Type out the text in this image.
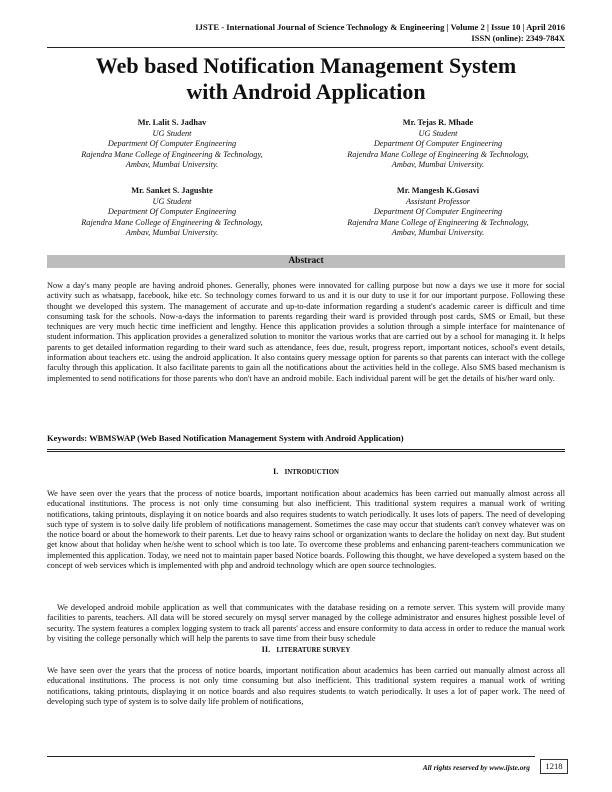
IJSTE - International Journal of Science Technology & Engineering | Volume 2 | Issue 10 | April 2016
ISSN (online): 2349-784X
Web based Notification Management System
with Android Application
Mr. Lalit S. Jadhav
UG Student
Department Of Computer Engineering
Rajendra Mane College of Engineering & Technology,
Ambav, Mumbai University.
Mr. Tejas R. Mhade
UG Student
Department Of Computer Engineering
Rajendra Mane College of Engineering & Technology,
Ambav, Mumbai University.
Mr. Sanket S. Jagushte
UG Student
Department Of Computer Engineering
Rajendra Mane College of Engineering & Technology,
Ambav, Mumbai University.
Mr. Mangesh K.Gosavi
Assistant Professor
Department Of Computer Engineering
Rajendra Mane College of Engineering & Technology,
Ambav, Mumbai University.
Abstract
Now a day's many people are having android phones. Generally, phones were innovated for calling purpose but now a days we use it more for social activity such as whatsapp, facebook, hike etc. So technology comes forward to us and it is our duty to use it for our important purpose. Following these thought we developed this system. The management of accurate and up-to-date information regarding a student's academic career is difficult and time consuming task for the schools. Now-a-days the information to parents regarding their ward is provided through post cards, SMS or Email, but these techniques are very much hectic time inefficient and lengthy. Hence this application provides a solution through a simple interface for maintenance of student information. This application provides a generalized solution to monitor the various works that are carried out by a school for managing it. It helps parents to get detailed information regarding to their ward such as attendance, fees due, result, progress report, important notices, school's event details, information about teachers etc. using the android application. It also contains query message option for parents so that parents can interact with the college faculty through this application. It also facilitate parents to gain all the notifications about the activities held in the college. Also SMS based mechanism is implemented to send notifications for those parents who don't have an android mobile. Each individual parent will be get the details of his/her ward only.
Keywords: WBMSWAP (Web Based Notification Management System with Android Application)
I. INTRODUCTION
We have seen over the years that the process of notice boards, important notification about academics has been carried out manually almost across all educational institutions. The process is not only time consuming but also inefficient. This traditional system requires a manual work of writing notifications, taking printouts, displaying it on notice boards and also requires students to watch periodically. It uses lots of papers. The need of developing such type of system is to solve daily life problem of notifications management. Sometimes the case may occur that students can't convey whatever was on the notice board or about the homework to their parents. Let due to heavy rains school or organization wants to declare the holiday on next day. But student get know about that holiday when he/she went to school which is too late. To overcome these problems and enhancing parent-teachers communication we implemented this application. Today, we need not to maintain paper based Notice boards. Following this thought, we have developed a system based on the concept of web services which is implemented with php and android technology which are open source technologies.
We developed android mobile application as well that communicates with the database residing on a remote server. This system will provide many facilities to parents, teachers. All data will be stored securely on mysql server managed by the college administrator and ensures highest possible level of security. The system features a complex logging system to track all parents' access and ensure conformity to data access in order to reduce the manual work by visiting the college personally which will help the parents to save time from their busy schedule
II. LITERATURE SURVEY
We have seen over the years that the process of notice boards, important notification about academics has been carried out manually almost across all educational institutions. The process is not only time consuming but also inefficient. This traditional system requires a manual work of writing notifications, taking printouts, displaying it on notice boards and also requires students to watch periodically. It uses a lot of paper work. The need of developing such type of system is to solve daily life problem of notifications,
All rights reserved by www.ijste.org	1218
